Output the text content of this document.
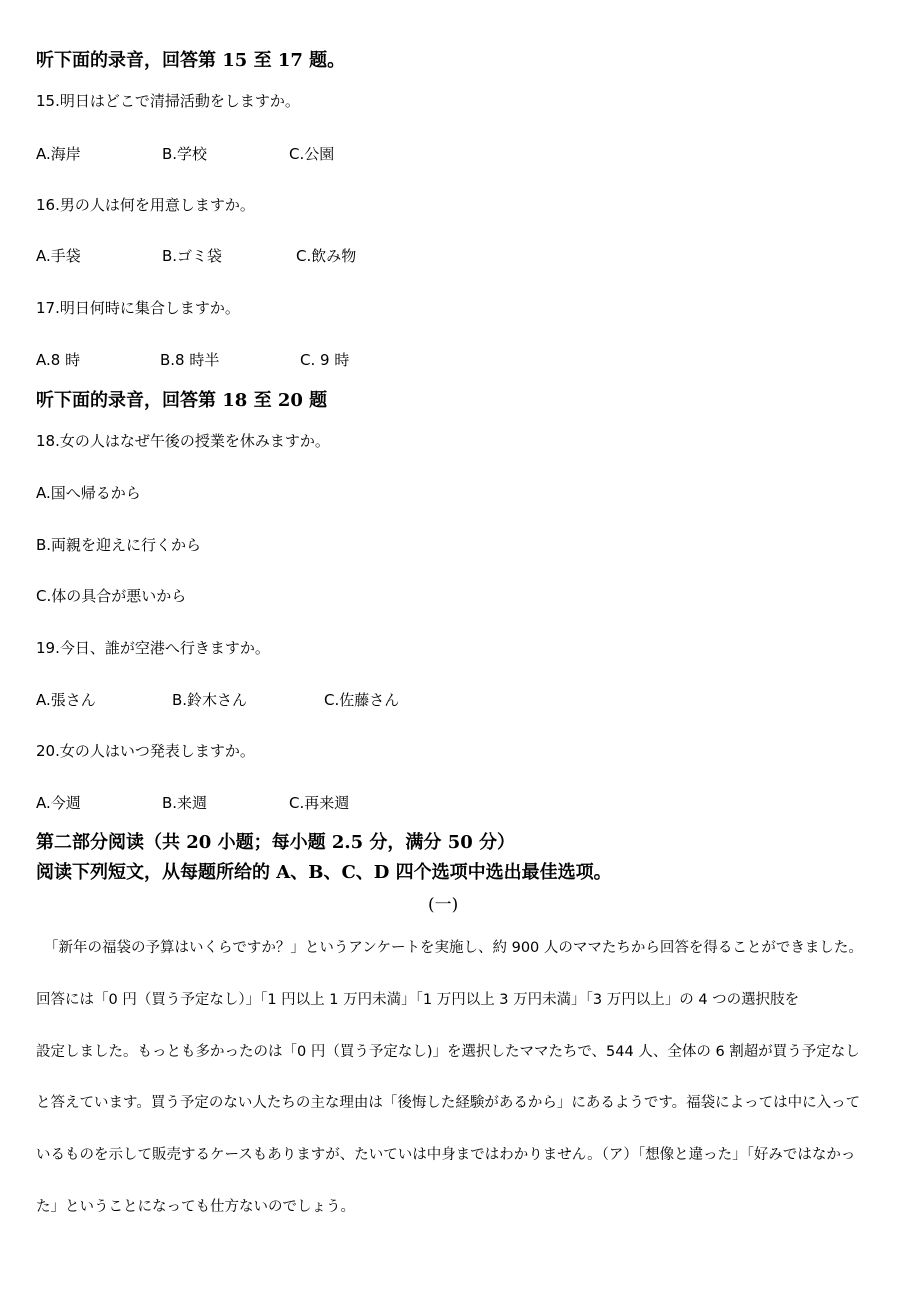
听下面的录音，回答第 15 至 17 题。
15.明日はどこで清掃活動をしますか。
A.海岸	B.学校	C.公園
16.男の人は何を用意しますか。
A.手袋	B.ゴミ袋	C.飲み物
17.明日何時に集合しますか。
A.8 時	B.8 時半	C. 9 時
听下面的录音，回答第 18 至 20 题
18.女の人はなぜ午後の授業を休みますか。
A.国へ帰るから
B.両親を迎えに行くから
C.体の具合が悪いから
19.今日、誰が空港へ行きますか。
A.張さん	B.鈴木さん	C.佐藤さん
20.女の人はいつ発表しますか。
A.今週	B.来週	C.再来週
第二部分阅读（共 20 小题；每小题 2.5 分，满分 50 分）
阅读下列短文，从每题所给的 A、B、C、D 四个选项中选出最佳选项。
(一)
「新年の福袋の予算はいくらですか？」というアンケートを実施し、約 900 人のママたちから回答を得ることができました。
回答には「0 円（買う予定なし）」「1 円以上 1 万円未満」「1 万円以上 3 万円未満」「3 万円以上」の 4 つの選択肢を
設定しました。もっとも多かったのは「0 円（買う予定なし)」を選択したママたちで、544 人、全体の 6 割超が買う予定なし
と答えています。買う予定のない人たちの主な理由は「後悔した経験があるから」にあるようです。福袋によっては中に入って
いるものを示して販売するケースもありますが、たいていは中身まではわかりません。（ア）「想像と違った」「好みではなかっ
た」ということになっても仕方ないのでしょう。
